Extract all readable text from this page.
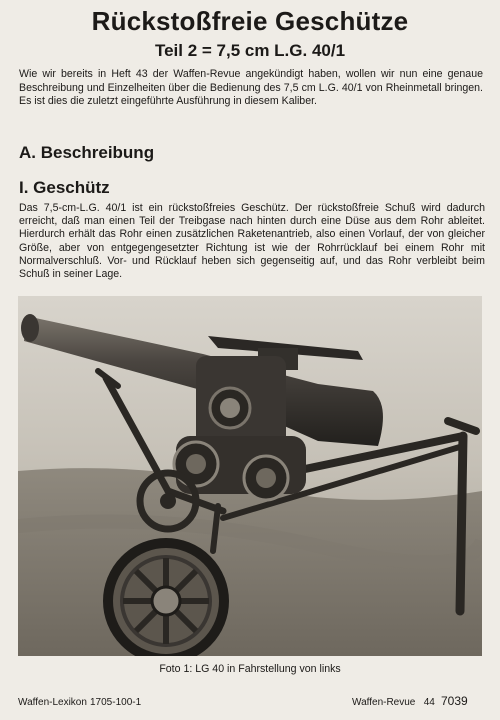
Rückstoßfreie Geschütze
Teil 2 = 7,5 cm L.G. 40/1

Wie wir bereits in Heft 43 der Waffen-Revue angekündigt haben, wollen wir nun eine genaue Beschreibung und Einzelheiten über die Bedienung des 7,5 cm L.G. 40/1 von Rheinmetall bringen. Es ist dies die zuletzt eingeführte Ausführung in diesem Kaliber.

A. Beschreibung
I. Geschütz

Das 7,5-cm-L.G. 40/1 ist ein rückstoßfreies Geschütz. Der rückstoßfreie Schuß wird dadurch erreicht, daß man einen Teil der Treibgase nach hinten durch eine Düse aus dem Rohr ableitet. Hierdurch erhält das Rohr einen zusätzlichen Raketenantrieb, also einen Vorlauf, der von gleicher Größe, aber von entgegengesetzter Richtung ist wie der Rohrrücklauf bei einem Rohr mit Normalverschluß. Vor- und Rücklauf heben sich gegenseitig auf, und das Rohr verbleibt beim Schuß in seiner Lage.

Foto 1: LG 40 in Fahrstellung von links
Waffen-Lexikon 1705-100-1	Waffen-Revue 44 7039
